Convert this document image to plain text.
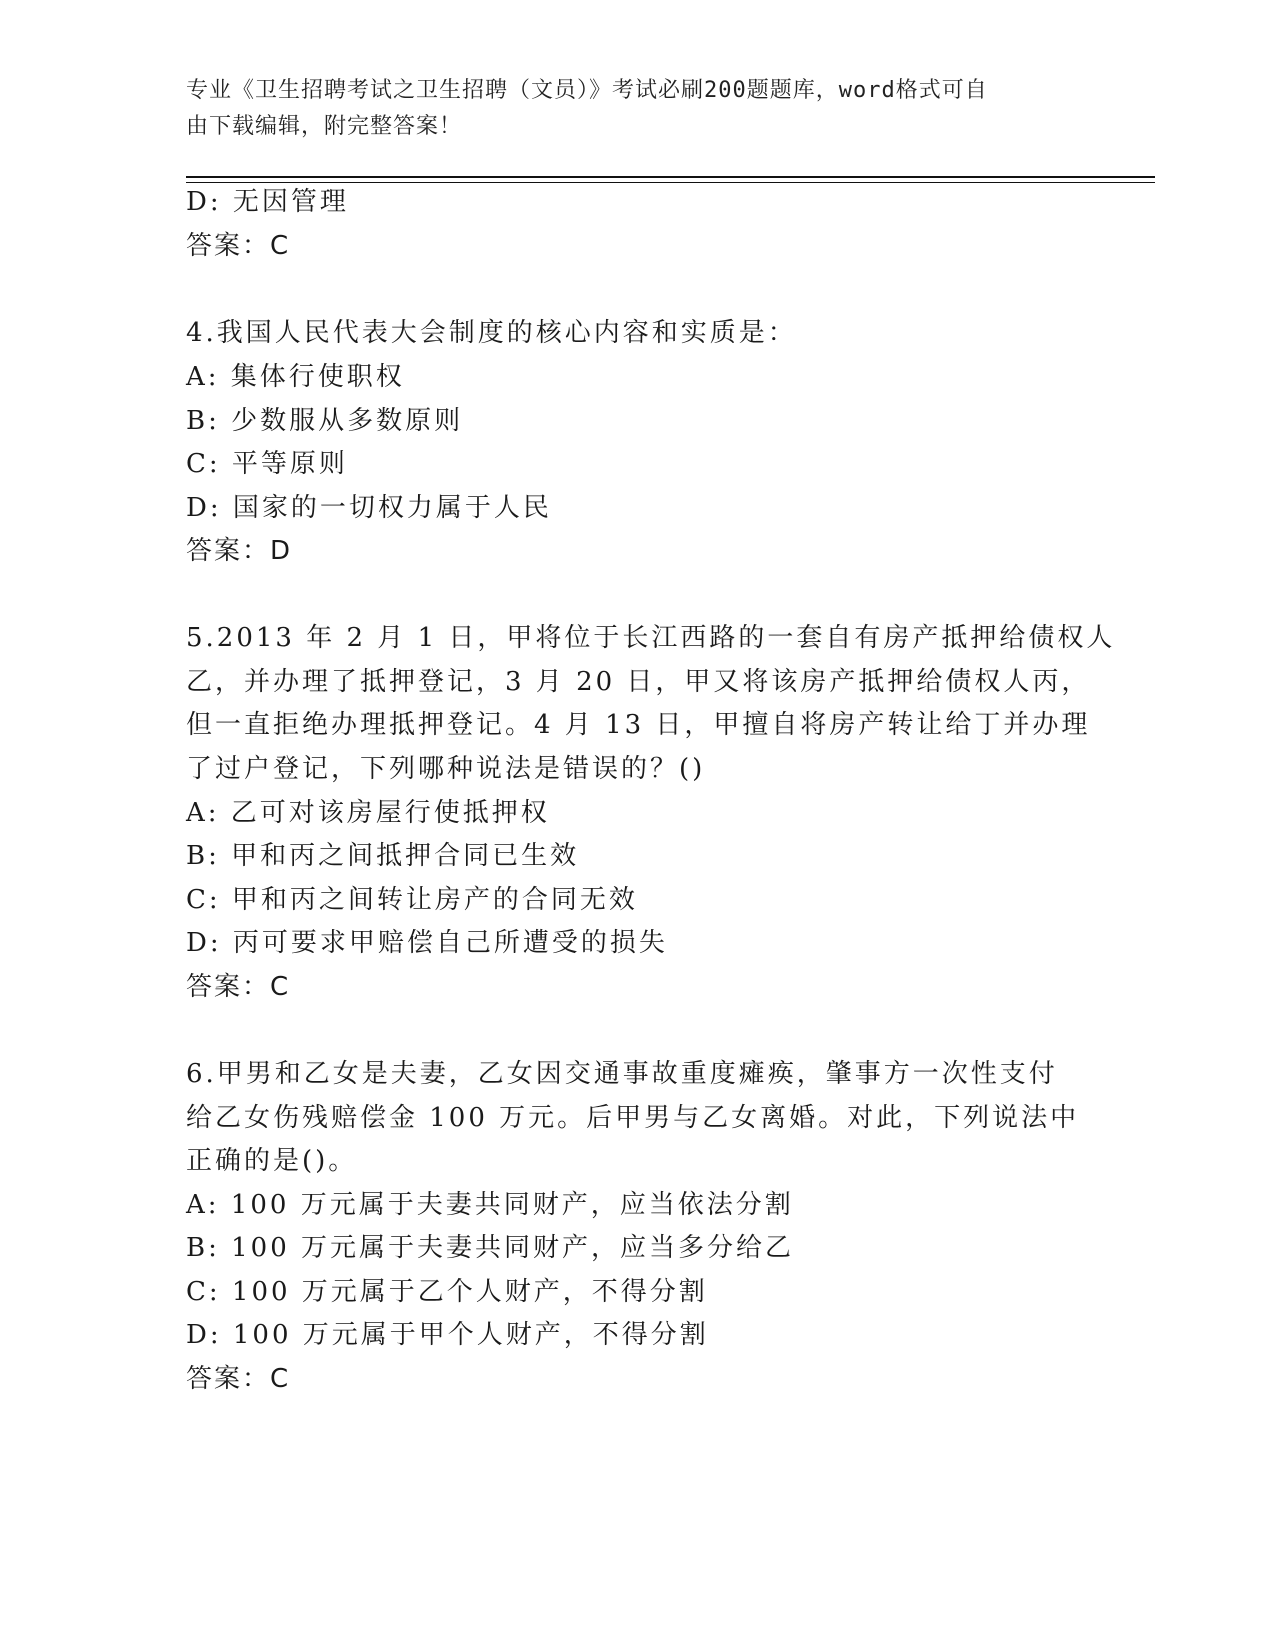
专业《卫生招聘考试之卫生招聘（文员）》考试必刷200题题库，word格式可自
由下载编辑，附完整答案！
D: 无因管理
答案：C
4.我国人民代表大会制度的核心内容和实质是：
A: 集体行使职权
B: 少数服从多数原则
C: 平等原则
D: 国家的一切权力属于人民
答案：D
5.2013 年 2 月 1 日，甲将位于长江西路的一套自有房产抵押给债权人
乙，并办理了抵押登记，3 月 20 日，甲又将该房产抵押给债权人丙，
但一直拒绝办理抵押登记。4 月 13 日，甲擅自将房产转让给丁并办理
了过户登记，下列哪种说法是错误的？()
A: 乙可对该房屋行使抵押权
B: 甲和丙之间抵押合同已生效
C: 甲和丙之间转让房产的合同无效
D: 丙可要求甲赔偿自己所遭受的损失
答案：C
6.甲男和乙女是夫妻，乙女因交通事故重度瘫痪，肇事方一次性支付
给乙女伤残赔偿金 100 万元。后甲男与乙女离婚。对此，下列说法中
正确的是()。
A: 100 万元属于夫妻共同财产，应当依法分割
B: 100 万元属于夫妻共同财产，应当多分给乙
C: 100 万元属于乙个人财产，不得分割
D: 100 万元属于甲个人财产，不得分割
答案：C
